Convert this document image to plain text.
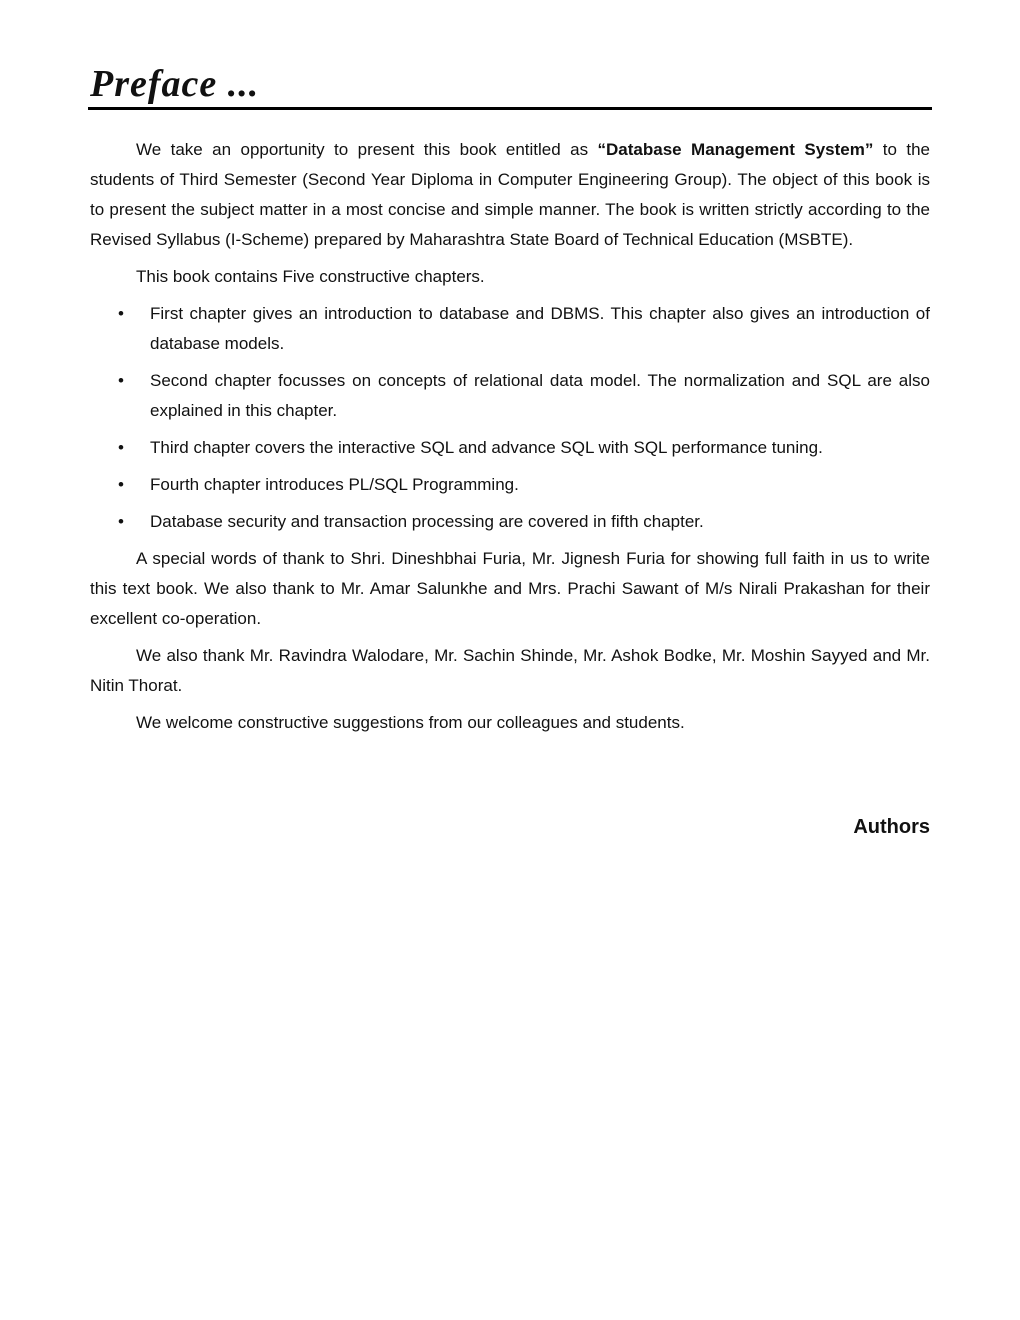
Preface ...

We take an opportunity to present this book entitled as “Database Management System” to the students of Third Semester (Second Year Diploma in Computer Engineering Group). The object of this book is to present the subject matter in a most concise and simple manner. The book is written strictly according to the Revised Syllabus (I-Scheme) prepared by Maharashtra State Board of Technical Education (MSBTE).

This book contains Five constructive chapters.

• First chapter gives an introduction to database and DBMS. This chapter also gives an introduction of database models.
• Second chapter focusses on concepts of relational data model. The normalization and SQL are also explained in this chapter.
• Third chapter covers the interactive SQL and advance SQL with SQL performance tuning.
• Fourth chapter introduces PL/SQL Programming.
• Database security and transaction processing are covered in fifth chapter.

A special words of thank to Shri. Dineshbhai Furia, Mr. Jignesh Furia for showing full faith in us to write this text book. We also thank to Mr. Amar Salunkhe and Mrs. Prachi Sawant of M/s Nirali Prakashan for their excellent co-operation.

We also thank Mr. Ravindra Walodare, Mr. Sachin Shinde, Mr. Ashok Bodke, Mr. Moshin Sayyed and Mr. Nitin Thorat.

We welcome constructive suggestions from our colleagues and students.

Authors
